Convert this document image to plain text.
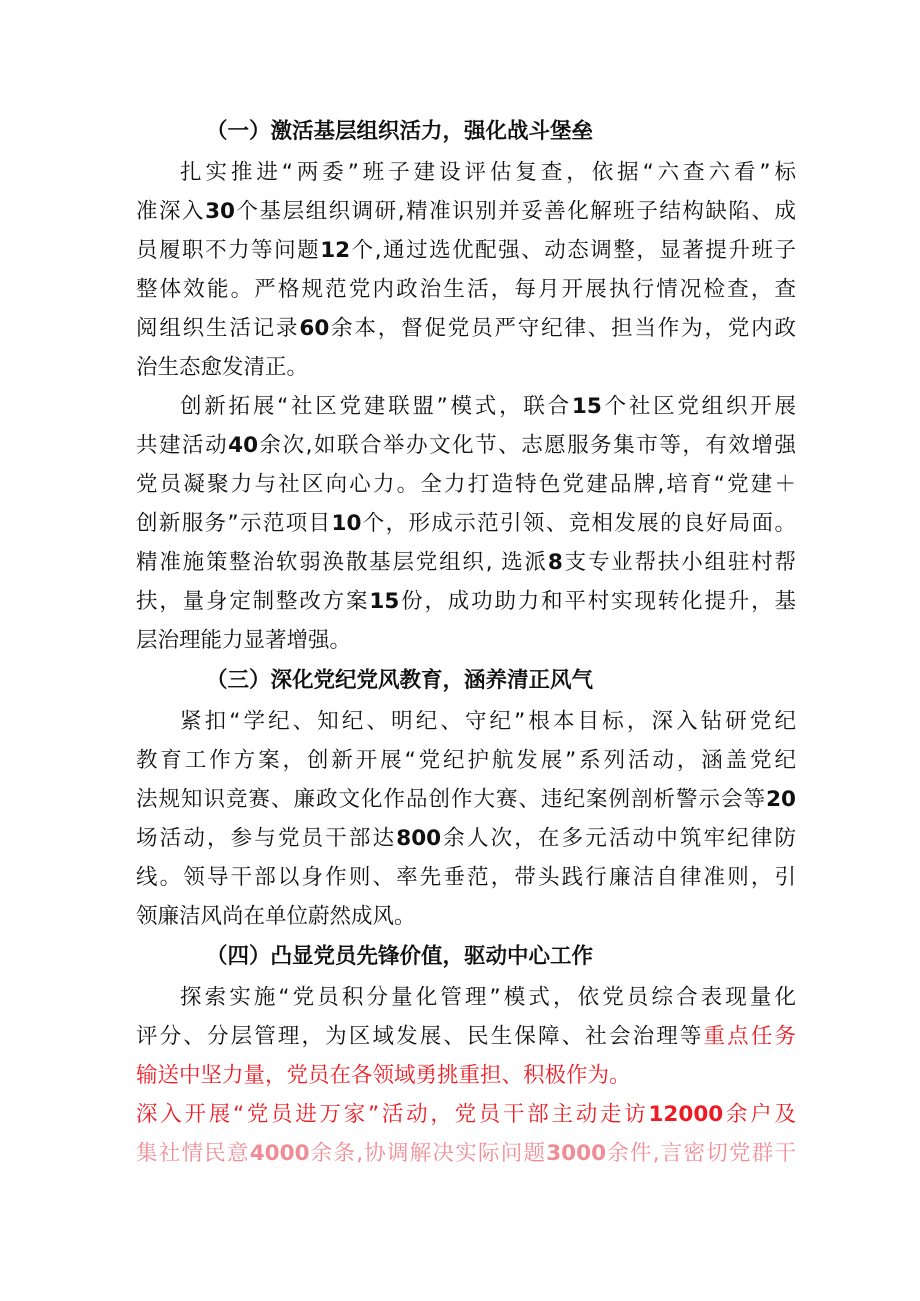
（一）激活基层组织活力，强化战斗堡垒
扎实推进“两委”班子建设评估复查，依据“六查六看”标
准深入30个基层组织调研,精准识别并妥善化解班子结构缺陷、成
员履职不力等问题12个,通过选优配强、动态调整，显著提升班子
整体效能。严格规范党内政治生活，每月开展执行情况检查，查
阅组织生活记录60余本，督促党员严守纪律、担当作为，党内政
治生态愈发清正。
创新拓展“社区党建联盟”模式，联合15个社区党组织开展
共建活动40余次,如联合举办文化节、志愿服务集市等，有效增强
党员凝聚力与社区向心力。全力打造特色党建品牌,培育“党建＋
创新服务”示范项目10个，形成示范引领、竞相发展的良好局面。
精准施策整治软弱涣散基层党组织, 选派8支专业帮扶小组驻村帮
扶，量身定制整改方案15份，成功助力和平村实现转化提升，基
层治理能力显著增强。
（三）深化党纪党风教育，涵养清正风气
紧扣“学纪、知纪、明纪、守纪”根本目标，深入钻研党纪
教育工作方案，创新开展“党纪护航发展”系列活动，涵盖党纪
法规知识竞赛、廉政文化作品创作大赛、违纪案例剖析警示会等20
场活动，参与党员干部达800余人次，在多元活动中筑牢纪律防
线。领导干部以身作则、率先垂范，带头践行廉洁自律准则，引
领廉洁风尚在单位蔚然成风。
（四）凸显党员先锋价值，驱动中心工作
探索实施“党员积分量化管理”模式，依党员综合表现量化
评分、分层管理，为区域发展、民生保障、社会治理等重点任务
输送中坚力量，党员在各领域勇挑重担、积极作为。
深入开展“党员进万家”活动，党员干部主动走访12000余户及
集社情民意4000余条,协调解决实际问题3000余件,言密切党群干
